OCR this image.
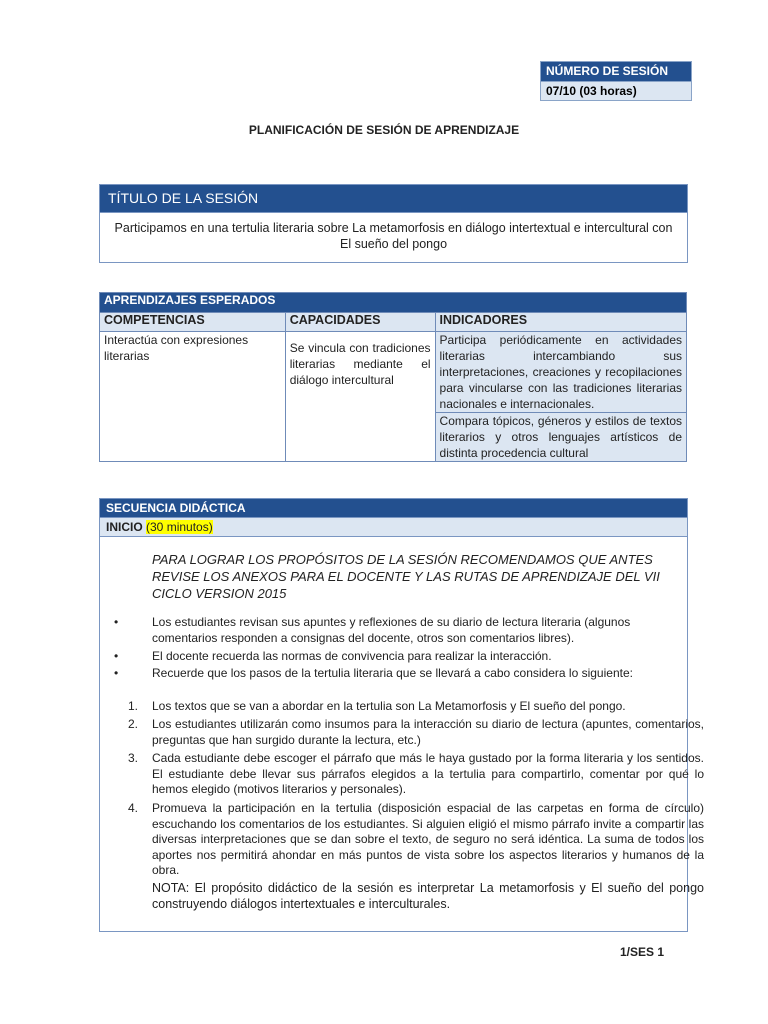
NÚMERO DE SESIÓN
07/10 (03 horas)
PLANIFICACIÓN DE SESIÓN DE APRENDIZAJE
TÍTULO DE LA SESIÓN
Participamos en una tertulia literaria sobre La metamorfosis en diálogo intertextual e intercultural con El sueño del pongo
APRENDIZAJES ESPERADOS		
COMPETENCIAS	CAPACIDADES	INDICADORES
Interactúa con expresiones literarias	Se vincula con tradiciones literarias mediante el diálogo intercultural	Participa periódicamente en actividades literarias intercambiando sus interpretaciones, creaciones y recopilaciones para vincularse con las tradiciones literarias nacionales e internacionales.
		Compara tópicos, géneros y estilos de textos literarios y otros lenguajes artísticos de distinta procedencia cultural
SECUENCIA DIDÁCTICA
INICIO (30 minutos)
PARA LOGRAR LOS PROPÓSITOS DE LA SESIÓN RECOMENDAMOS QUE ANTES REVISE LOS ANEXOS PARA EL DOCENTE Y LAS RUTAS DE APRENDIZAJE DEL VII CICLO VERSION 2015
•	Los estudiantes revisan sus apuntes y reflexiones de su diario de lectura literaria (algunos comentarios responden a consignas del docente, otros son comentarios libres).
•	El docente recuerda las normas de convivencia para realizar la interacción.
•	Recuerde que los pasos de la tertulia literaria que se llevará a cabo considera lo siguiente:
1. Los textos que se van a abordar en la tertulia son La Metamorfosis y El sueño del pongo.
2. Los estudiantes utilizarán como insumos para la interacción su diario de lectura (apuntes, comentarios, preguntas que han surgido durante la lectura, etc.)
3. Cada estudiante debe escoger el párrafo que más le haya gustado por la forma literaria y los sentidos. El estudiante debe llevar sus párrafos elegidos a la tertulia para compartirlo, comentar por qué lo hemos elegido (motivos literarios y personales).
4. Promueva la participación en la tertulia (disposición espacial de las carpetas en forma de círculo) escuchando los comentarios de los estudiantes. Si alguien eligió el mismo párrafo invite a compartir las diversas interpretaciones que se dan sobre el texto, de seguro no será idéntica. La suma de todos los aportes nos permitirá ahondar en más puntos de vista sobre los aspectos literarios y humanos de la obra.
NOTA: El propósito didáctico de la sesión es interpretar La metamorfosis y El sueño del pongo construyendo diálogos intertextuales e interculturales.
1/SES 1
